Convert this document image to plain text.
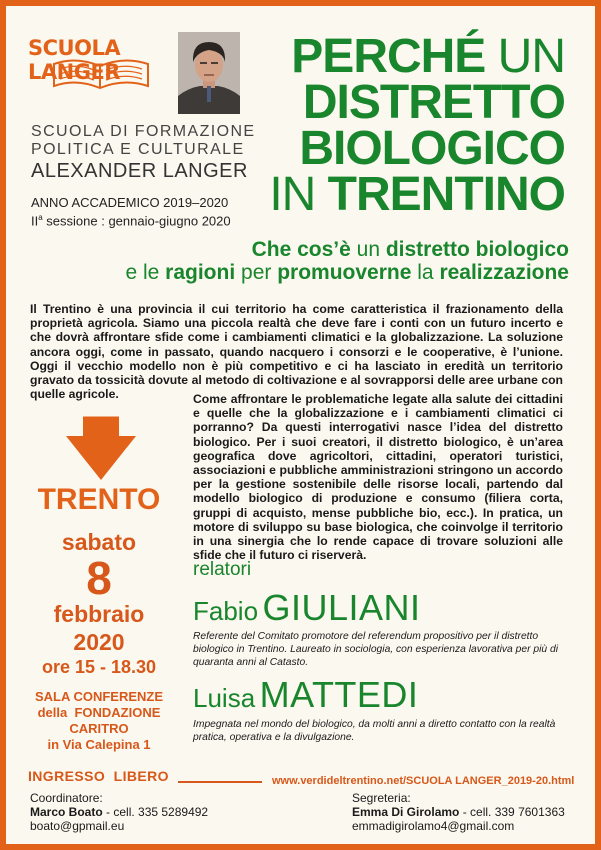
SCUOLA LANGER
SCUOLA DI FORMAZIONE
POLITICA E CULTURALE
ALEXANDER LANGER
ANNO ACCADEMICO 2019–2020
$II^a$ sessione : gennaio-giugno 2020
PERCHÉ UN
DISTRETTO
BIOLOGICO
IN TRENTINO
Che cos’è un distretto biologico
e le ragioni per promuoverne la realizzazione
Il Trentino è una provincia il cui territorio ha come caratteristica il frazionamento della proprietà agricola. Siamo una piccola realtà che deve fare i conti con un futuro incerto e che dovrà affrontare sfide come i cambiamenti climatici e la globalizzazione. La soluzione ancora oggi, come in passato, quando nacquero i consorzi e le cooperative, è l’unione. Oggi il vecchio modello non è più competitivo e ci ha lasciato in eredità un territorio gravato da tossicità dovute al metodo di coltivazione e al sovrapporsi delle aree urbane con quelle agricole.	Come affrontare le problematiche legate alla salute dei cittadini e quelle che la globalizzazione e i cambiamenti climatici ci porranno? Da questi interrogativi nasce l’idea del distretto biologico. Per i suoi creatori, il distretto biologico, è un’area geografica dove agricoltori, cittadini, operatori turistici, associazioni e pubbliche amministrazioni stringono un accordo per la gestione sostenibile delle risorse locali, partendo dal modello biologico di produzione e consumo (filiera corta, gruppi di acquisto, mense pubbliche bio, ecc.). In pratica, un motore di sviluppo su base biologica, che coinvolge il territorio in una sinergia che lo rende capace di trovare soluzioni alle sfide che il futuro ci riserverà.
TRENTO
sabato
8
febbraio
2020
ore 15 - 18.30
SALA CONFERENZE
della  FONDAZIONE
CARITRO
in Via Calepina 1
relatori
Fabio GIULIANI
Referente del Comitato promotore del referendum propositivo per il distretto biologico in Trentino. Laureato in sociologia, con esperienza lavorativa per più di quaranta anni al Catasto.
Luisa MATTEDI
Impegnata nel mondo del biologico, da molti anni a diretto contatto con la realtà pratica, operativa e la divulgazione.
INGRESSO  LIBERO	www.verdideltrentino.net/SCUOLA LANGER_2019-20.html
Coordinatore:
Marco Boato - cell. 335 5289492
boato@gpmail.eu
Segreteria:
Emma Di Girolamo - cell. 339 7601363
emmadigirolamo4@gmail.com
